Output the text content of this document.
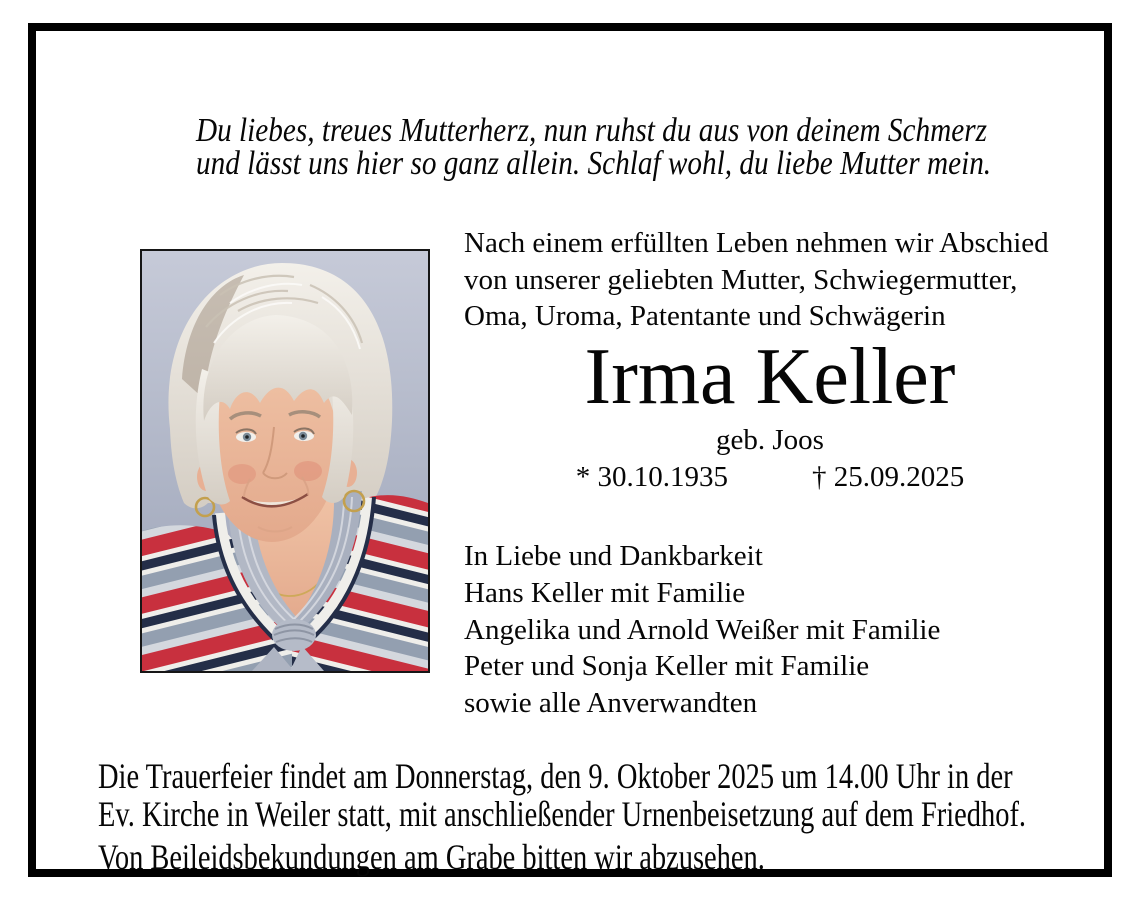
Du liebes, treues Mutterherz, nun ruhst du aus von deinem Schmerz
und lässt uns hier so ganz allein. Schlaf wohl, du liebe Mutter mein.
Nach einem erfüllten Leben nehmen wir Abschied
von unserer geliebten Mutter, Schwiegermutter,
Oma, Uroma, Patentante und Schwägerin
Irma Keller
geb. Joos
* 30.10.1935	† 25.09.2025
In Liebe und Dankbarkeit
Hans Keller mit Familie
Angelika und Arnold Weißer mit Familie
Peter und Sonja Keller mit Familie
sowie alle Anverwandten
Die Trauerfeier findet am Donnerstag, den 9. Oktober 2025 um 14.00 Uhr in der
Ev. Kirche in Weiler statt, mit anschließender Urnenbeisetzung auf dem Friedhof.
Von Beileidsbekundungen am Grabe bitten wir abzusehen.
